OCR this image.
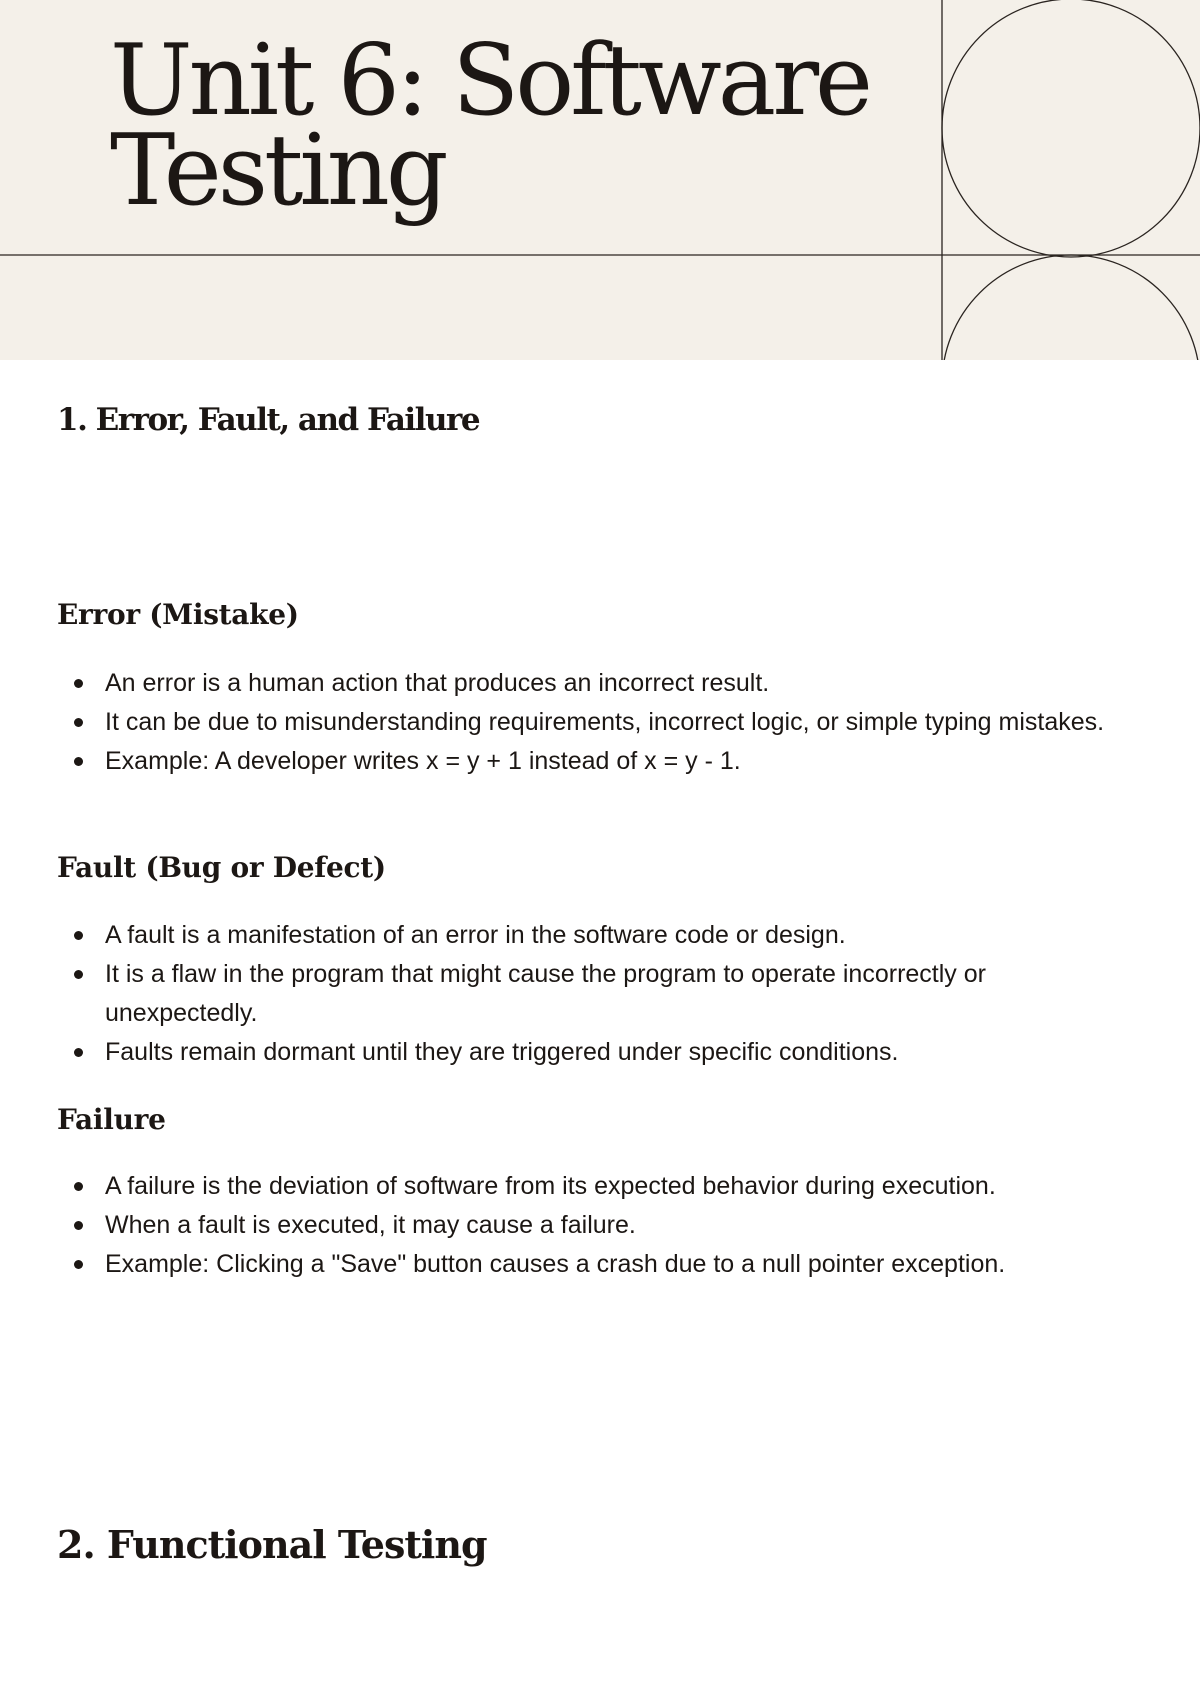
Unit 6: Software
Testing
1. Error, Fault, and Failure
Error (Mistake)
An error is a human action that produces an incorrect result.
It can be due to misunderstanding requirements, incorrect logic, or simple typing mistakes.
Example: A developer writes x = y + 1 instead of x = y - 1.
Fault (Bug or Defect)
A fault is a manifestation of an error in the software code or design.
It is a flaw in the program that might cause the program to operate incorrectly or unexpectedly.
Faults remain dormant until they are triggered under specific conditions.
Failure
A failure is the deviation of software from its expected behavior during execution.
When a fault is executed, it may cause a failure.
Example: Clicking a "Save" button causes a crash due to a null pointer exception.
2. Functional Testing
